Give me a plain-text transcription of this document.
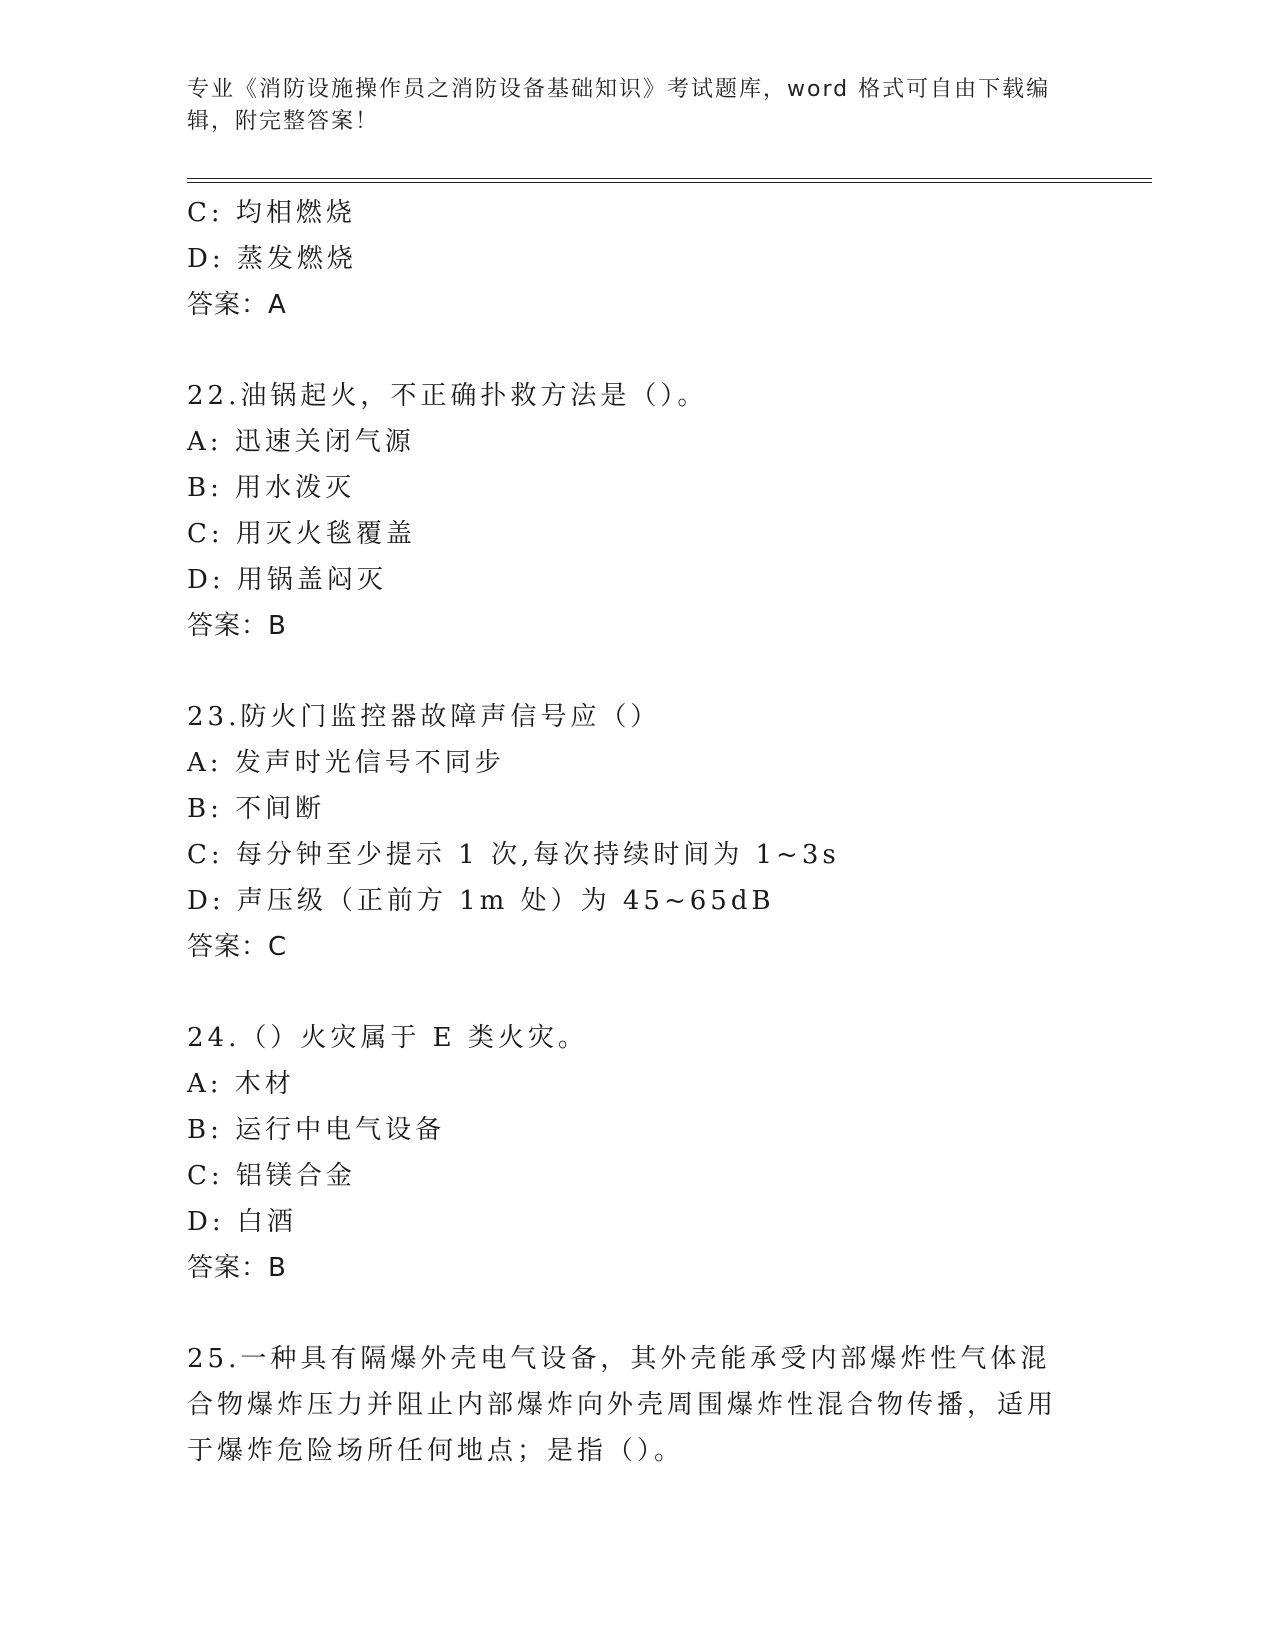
专业《消防设施操作员之消防设备基础知识》考试题库，word 格式可自由下载编辑，附完整答案！
C: 均相燃烧
D: 蒸发燃烧
答案：A
22.油锅起火，不正确扑救方法是（）。
A: 迅速关闭气源
B: 用水泼灭
C: 用灭火毯覆盖
D: 用锅盖闷灭
答案：B
23.防火门监控器故障声信号应（）
A: 发声时光信号不同步
B: 不间断
C: 每分钟至少提示 1 次,每次持续时间为 1~3s
D: 声压级（正前方 1m 处）为 45~65dB
答案：C
24.（）火灾属于 E 类火灾。
A: 木材
B: 运行中电气设备
C: 铝镁合金
D: 白酒
答案：B
25.一种具有隔爆外壳电气设备，其外壳能承受内部爆炸性气体混合物爆炸压力并阻止内部爆炸向外壳周围爆炸性混合物传播，适用于爆炸危险场所任何地点；是指（）。
